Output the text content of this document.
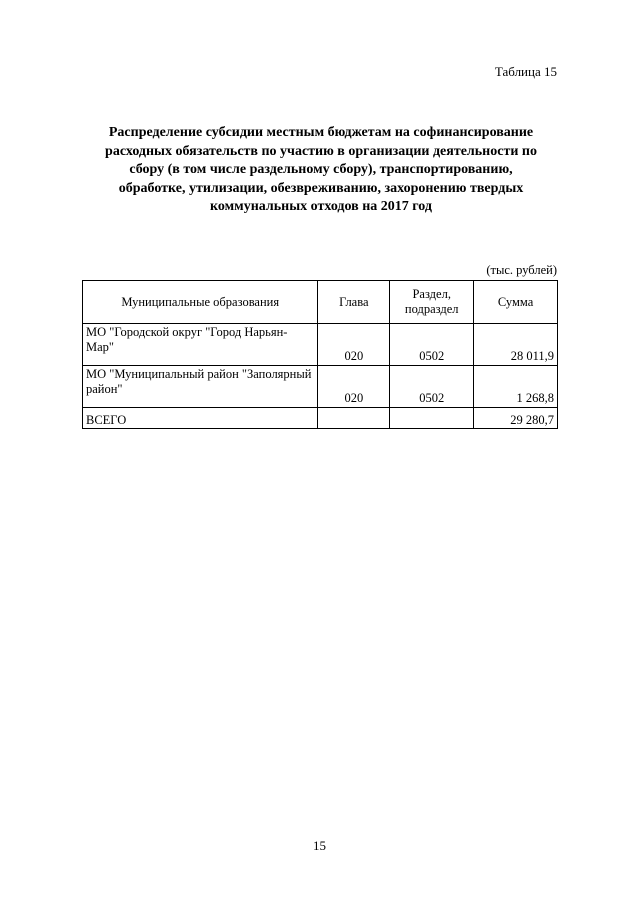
Таблица 15
Распределение субсидии местным бюджетам на софинансирование
расходных обязательств по участию в организации деятельности по
сбору (в том числе раздельному сбору), транспортированию,
обработке, утилизации, обезвреживанию, захоронению твердых
коммунальных отходов на 2017 год
(тыс. рублей)
Муниципальные образования	Глава	Раздел,
подраздел	Сумма

МО "Городской округ "Город Нарьян-
Мар"	020	0502	28 011,9

МО "Муниципальный район "Заполярный
район"	020	0502	1 268,8
ВСЕГО			29 280,7
15
